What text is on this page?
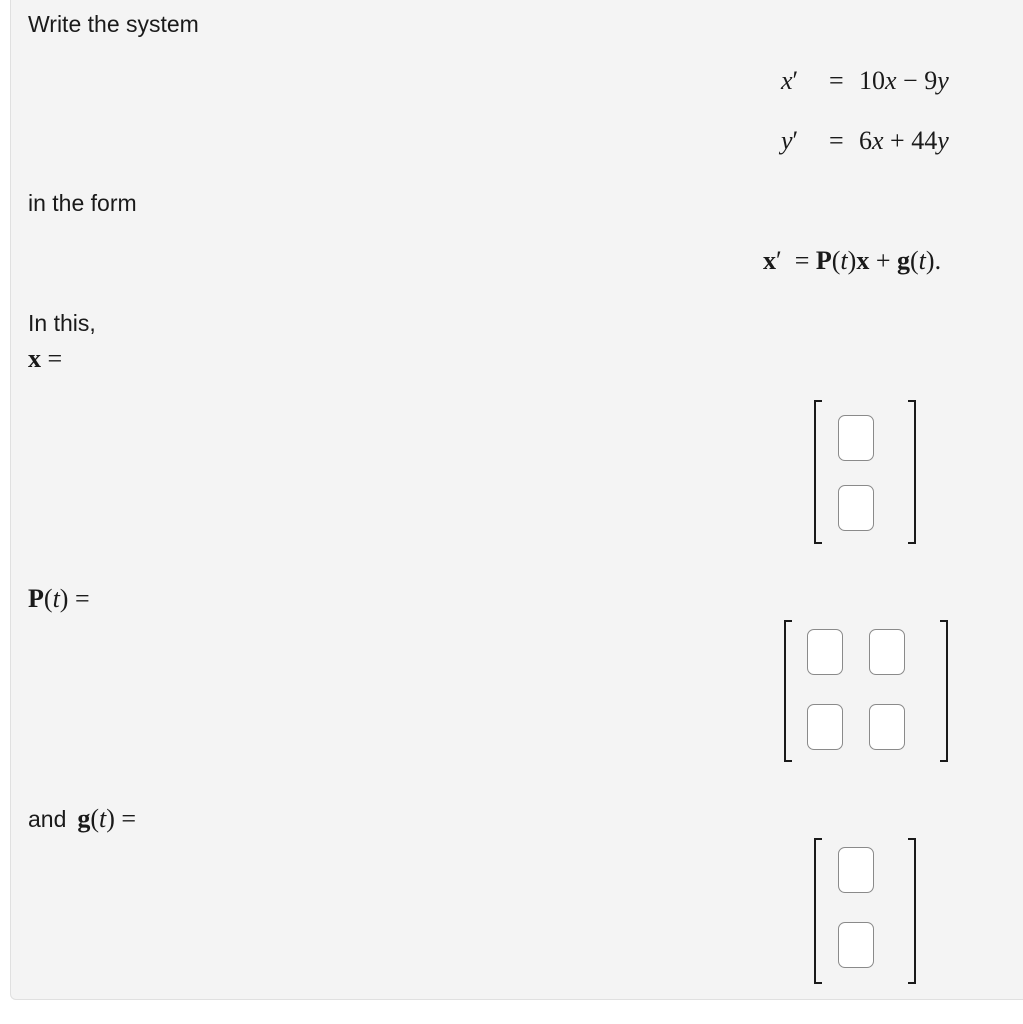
Write the system
x′ = 10x − 9y
y′ = 6x + 44y
in the form
x′  = P(t)x + g(t).
In this,
x =
P(t) =
and g(t) =
